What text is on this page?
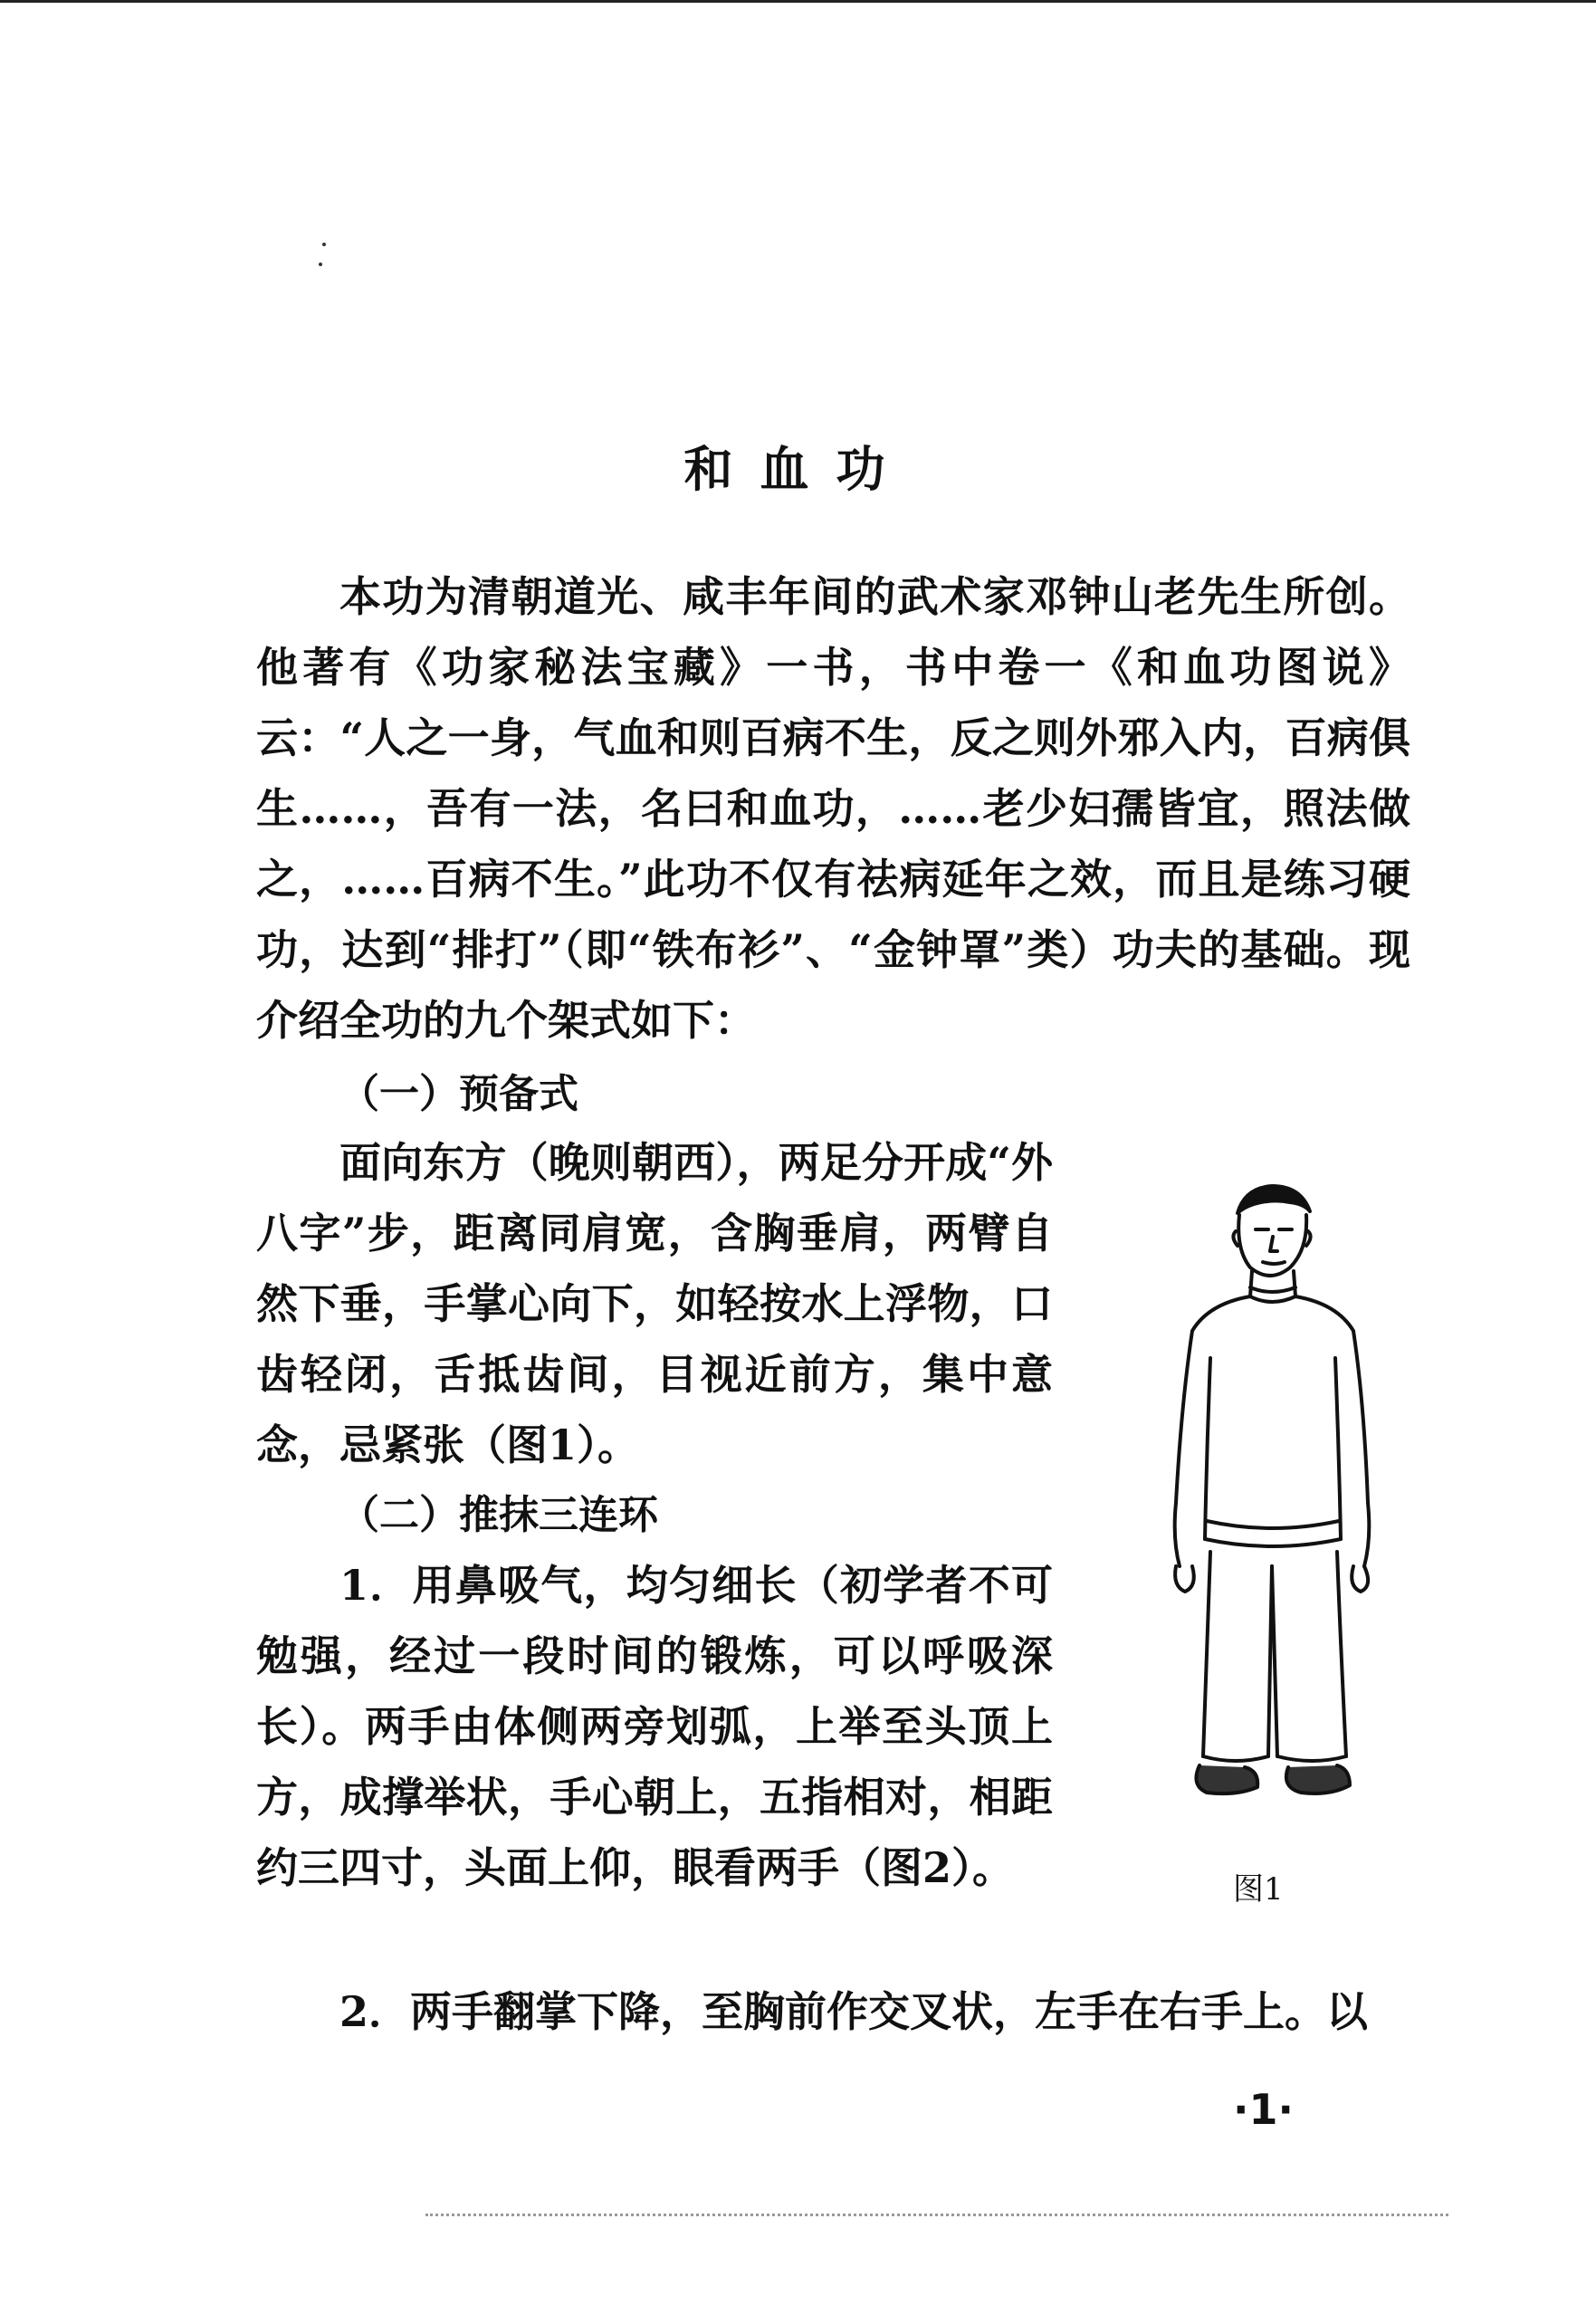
和血功

本功为清朝道光、咸丰年间的武术家邓钟山老先生所创。他著有《功家秘法宝藏》一书，书中卷一《和血功图说》云：“人之一身，气血和则百病不生，反之则外邪入内，百病俱生……，吾有一法，名曰和血功，……老少妇孺皆宜，照法做之，……百病不生。”此功不仅有祛病延年之效，而且是练习硬功，达到“排打”（即“铁布衫”、“金钟罩”类）功夫的基础。现介绍全功的九个架式如下：

（一）预备式

面向东方（晚则朝西），两足分开成“外八字”步，距离同肩宽，含胸垂肩，两臂自然下垂，手掌心向下，如轻按水上浮物，口齿轻闭，舌抵齿间，目视近前方，集中意念，忌紧张（图1）。

（二）推抹三连环

1．用鼻吸气，均匀细长（初学者不可勉强，经过一段时间的锻炼，可以呼吸深长）。两手由体侧两旁划弧，上举至头顶上方，成撑举状，手心朝上，五指相对，相距约三四寸，头面上仰，眼看两手（图2）。

2．两手翻掌下降，至胸前作交叉状，左手在右手上。以

图1
·1·
